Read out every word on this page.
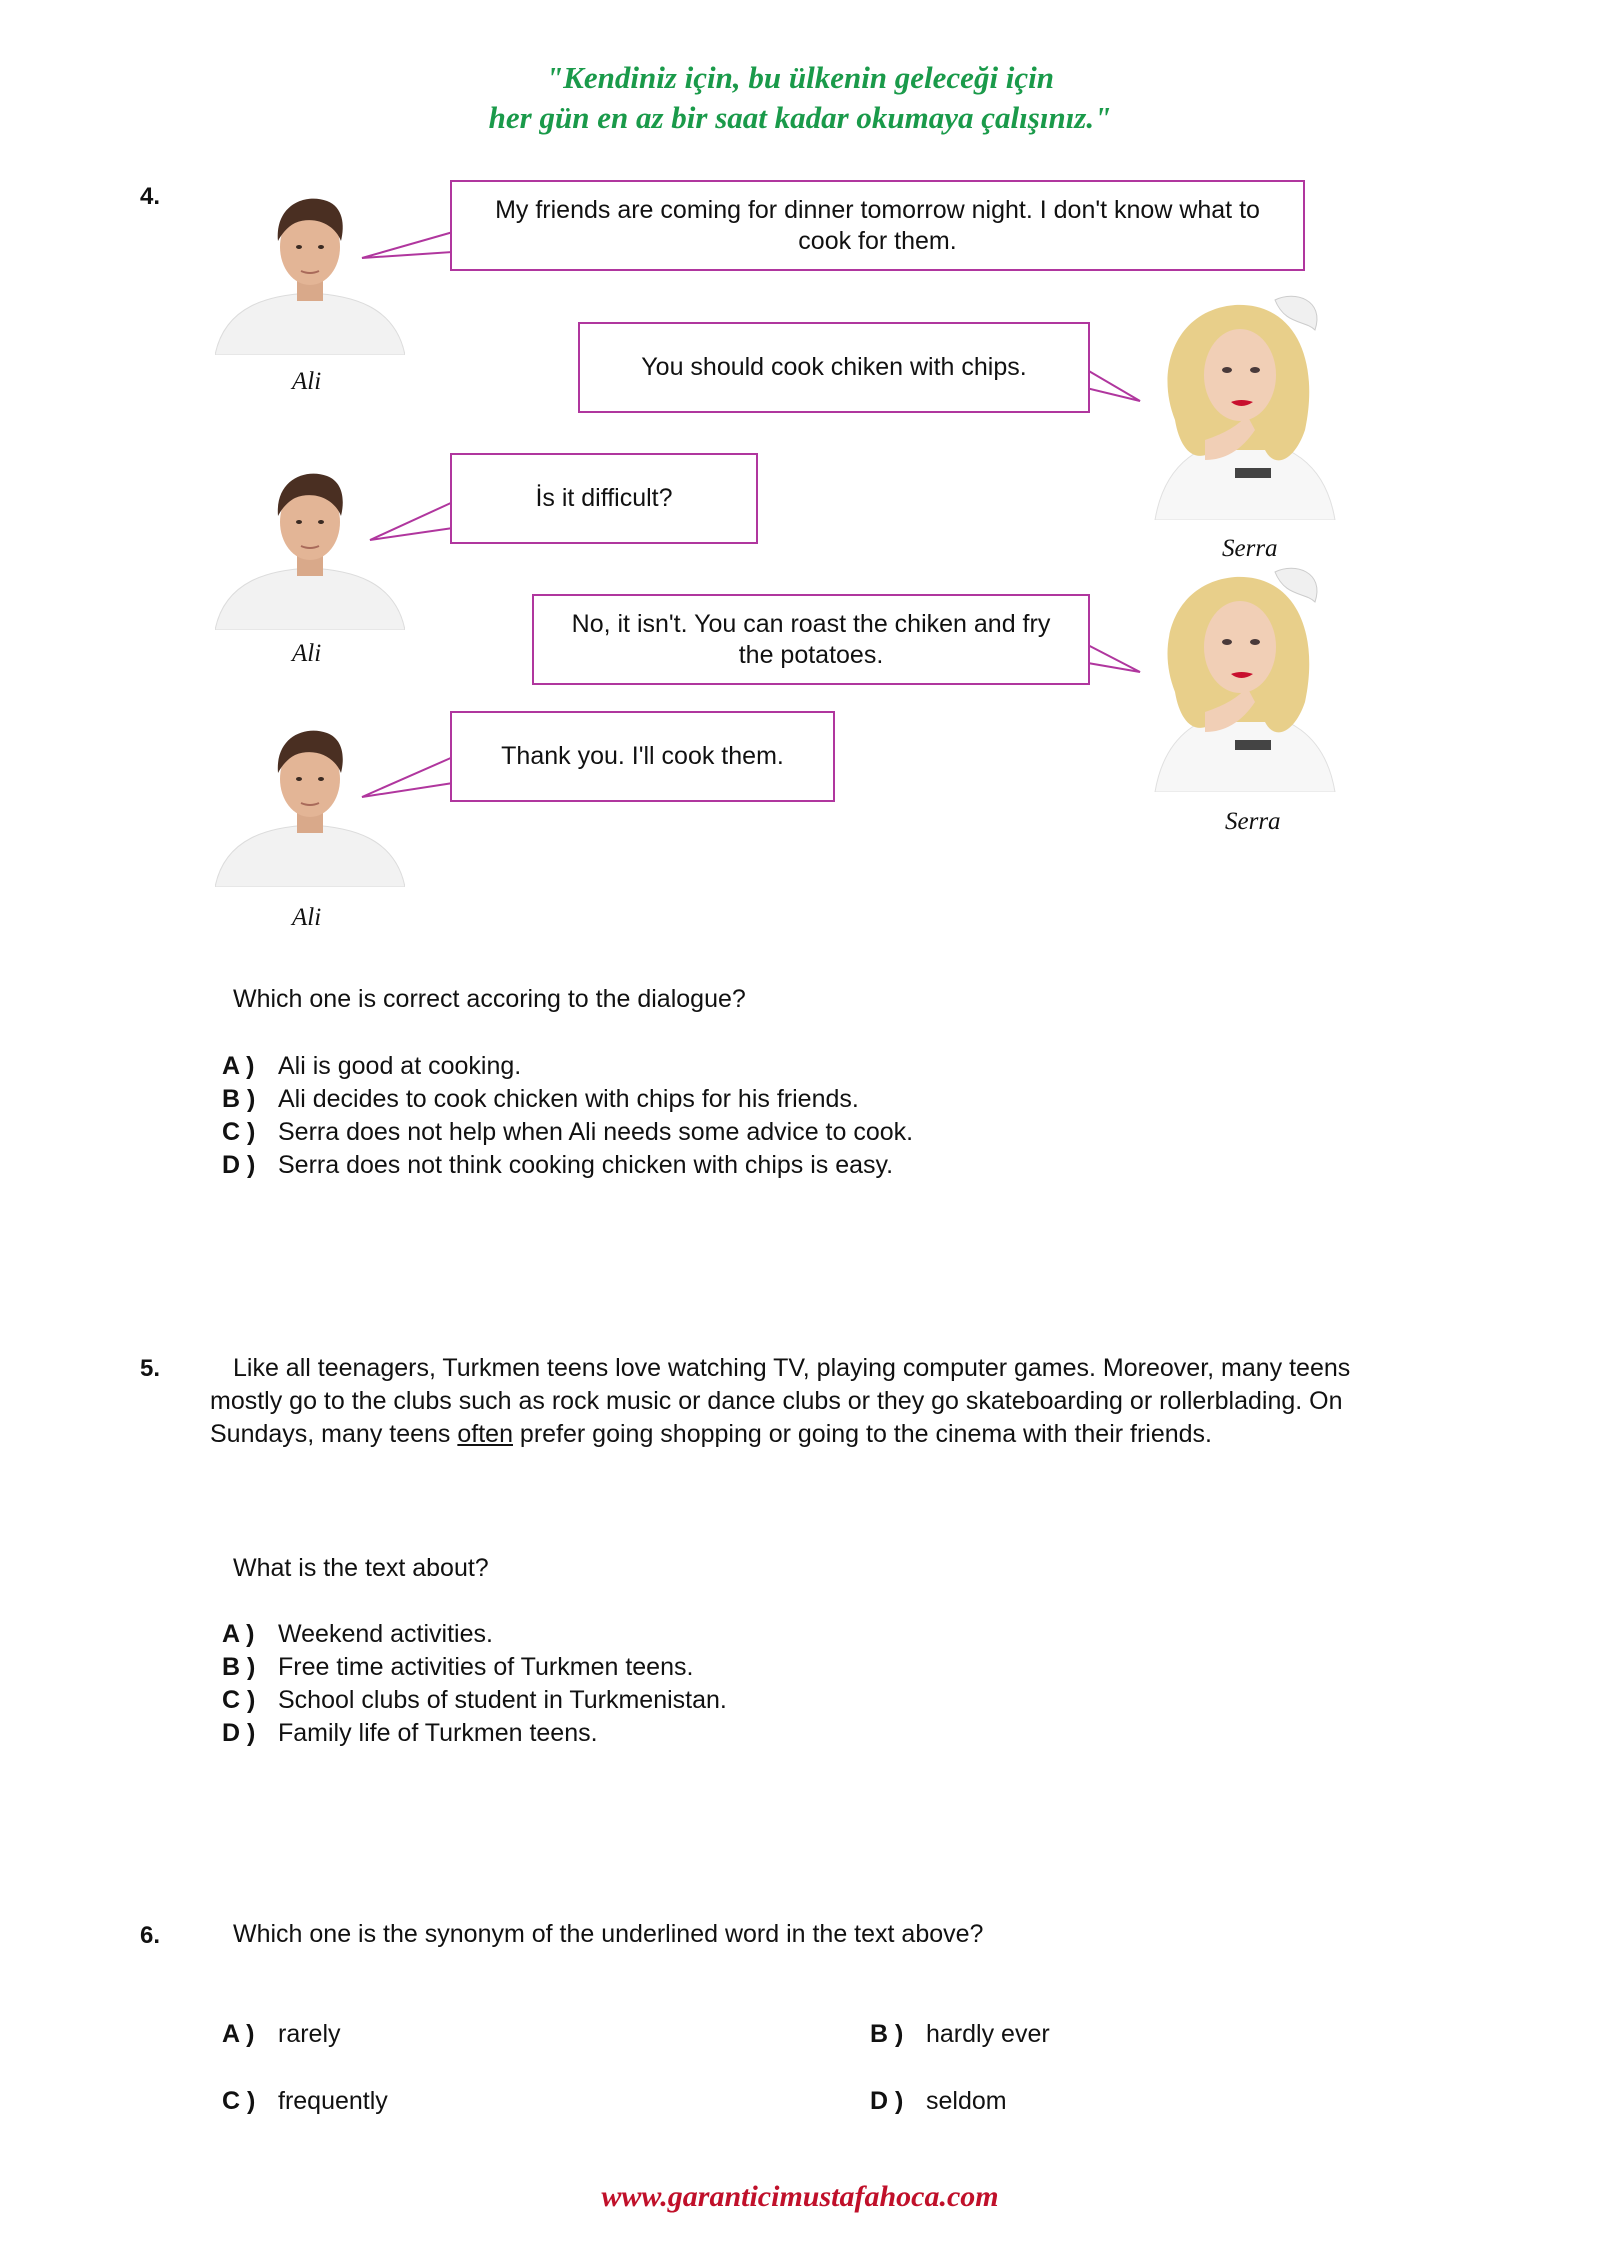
"Kendiniz için, bu ülkenin geleceği için
her gün en az bir saat kadar okumaya çalışınız."
4.
Ali
Ali
Ali
Serra
Serra
My friends are coming for dinner tomorrow night. I don't know what to cook for them.
You should cook chiken with chips.
İs it difficult?
No, it isn't. You can roast the chiken and fry the potatoes.
Thank you. I'll cook them.
Which one is correct accoring to the dialogue?
A ) Ali is good at cooking.
B ) Ali decides to cook chicken with chips for his friends.
C ) Serra does not help when Ali needs some advice to cook.
D ) Serra does not think cooking chicken with chips is easy.
5.	Like all teenagers, Turkmen teens love watching TV, playing computer games. Moreover, many teens mostly go to the clubs such as rock music or dance clubs or they go skateboarding or rollerblading. On Sundays, many teens often prefer going shopping or going to the cinema with their friends.
What is the text about?
A ) Weekend activities.
B ) Free time activities of Turkmen teens.
C ) School clubs of student in Turkmenistan.
D ) Family life of Turkmen teens.
6.	Which one is the synonym of the underlined word in the text above?
A ) rarely	B ) hardly ever
C ) frequently	D ) seldom
www.garanticimustafahoca.com
